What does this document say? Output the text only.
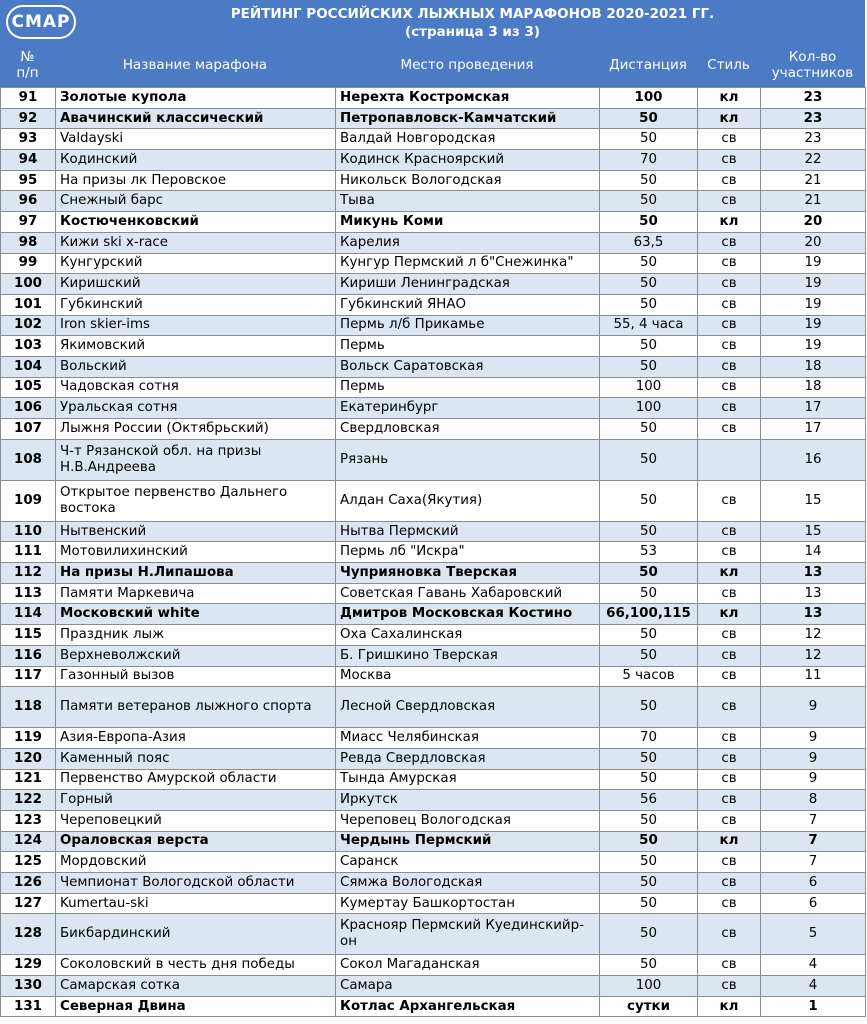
СМАР	РЕЙТИНГ РОССИЙСКИХ ЛЫЖНЫХ МАРАФОНОВ 2020-2021 ГГ.
(страница 3 из 3)
№
п/п	Название марафона	Место проведения	Дистанция	Стиль	Кол-во
участников
91	Золотые купола	Нерехта Костромская	100	кл	23
92	Авачинский классический	Петропавловск-Камчатский	50	кл	23
93	Valdayski	Валдай Новгородская	50	св	23
94	Кодинский	Кодинск Красноярский	70	св	22
95	На призы лк Перовское	Никольск Вологодская	50	св	21
96	Снежный барс	Тыва	50	св	21
97	Костюченковский	Микунь Коми	50	кл	20
98	Кижи ski x-race	Карелия	63,5	св	20
99	Кунгурский	Кунгур Пермский л б"Снежинка"	50	св	19
100	Киришский	Кириши Ленинградская	50	св	19
101	Губкинский	Губкинский ЯНАО	50	св	19
102	Iron skier-ims	Пермь л/б Прикамье	55, 4 часа	св	19
103	Якимовский	Пермь	50	св	19
104	Вольский	Вольск Саратовская	50	св	18
105	Чадовская сотня	Пермь	100	св	18
106	Уральская сотня	Екатеринбург	100	св	17
107	Лыжня России (Октябрьский)	Свердловская	50	св	17
108	Ч-т Рязанской обл. на призы Н.В.Андреева	Рязань	50		16
109	Открытое первенство Дальнего востока	Алдан Саха(Якутия)	50	св	15
110	Нытвенский	Нытва Пермский	50	св	15
111	Мотовилихинский	Пермь лб "Искра"	53	св	14
112	На призы Н.Липашова	Чуприяновка Тверская	50	кл	13
113	Памяти Маркевича	Советская Гавань Хабаровский	50	св	13
114	Московский white	Дмитров Московская Костино	66,100,115	кл	13
115	Праздник лыж	Оха Сахалинская	50	св	12
116	Верхневолжский	Б. Гришкино Тверская	50	св	12
117	Газонный вызов	Москва	5 часов	св	11
118	Памяти ветеранов лыжного спорта	Лесной Свердловская	50	св	9
119	Азия-Европа-Азия	Миасс Челябинская	70	св	9
120	Каменный пояс	Ревда Свердловская	50	св	9
121	Первенство Амурской области	Тында Амурская	50	св	9
122	Горный	Иркутск	56	св	8
123	Череповецкий	Череповец Вологодская	50	св	7
124	Ораловская верста	Чердынь Пермский	50	кл	7
125	Мордовский	Саранск	50	св	7
126	Чемпионат Вологодской области	Сямжа Вологодская	50	св	6
127	Kumertau-ski	Кумертау Башкортостан	50	св	6
128	Бикбардинский	Краснояр Пермский Куединскийр-он	50	св	5
129	Соколовский в честь дня победы	Сокол Магаданская	50	св	4
130	Самарская сотка	Самара	100	св	4
131	Северная Двина	Котлас Архангельская	сутки	кл	1
